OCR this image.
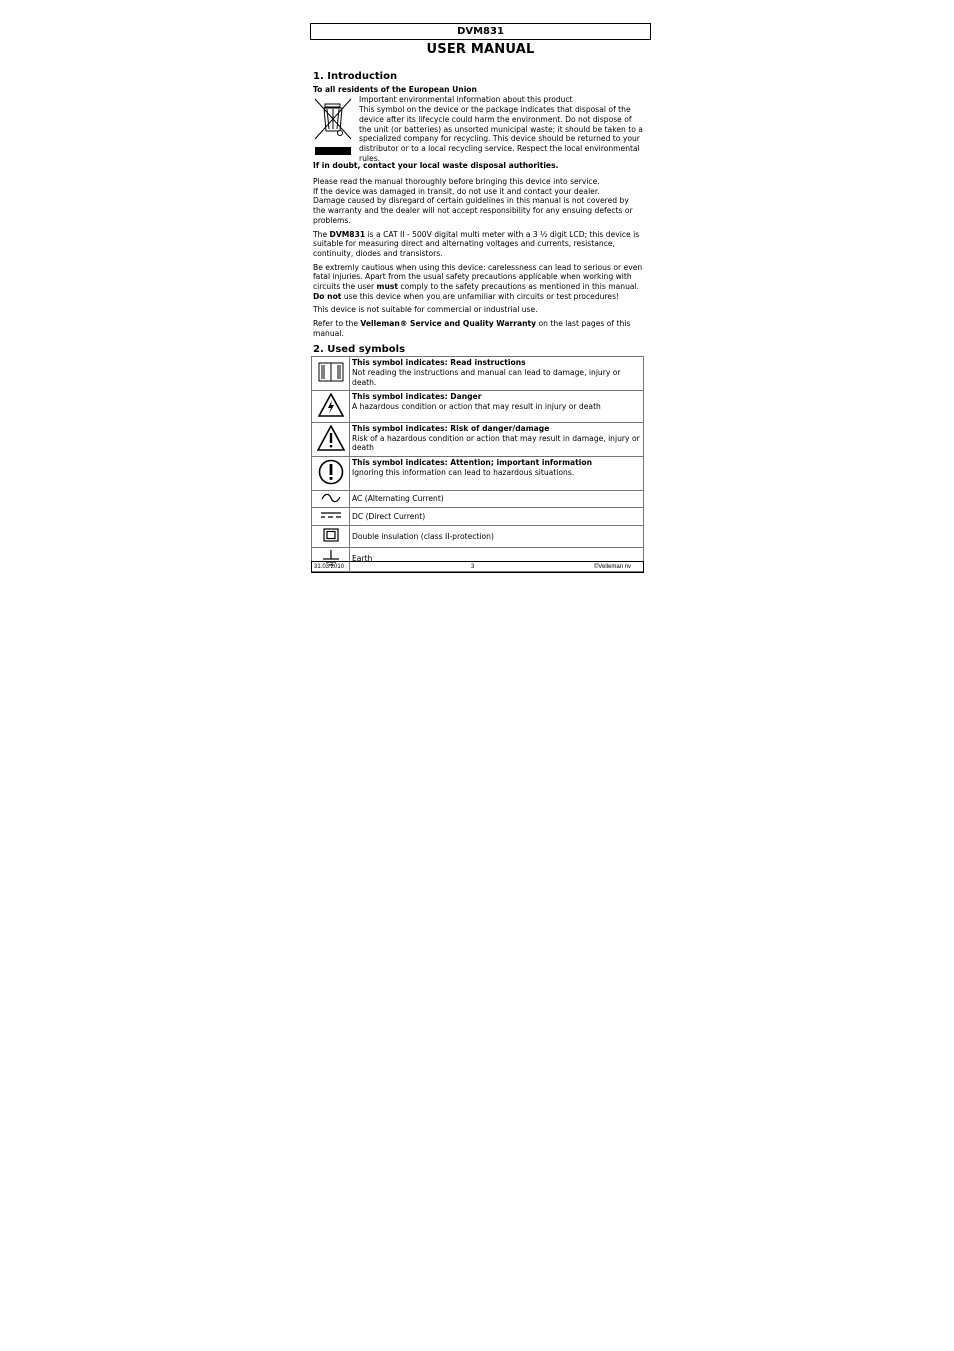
DVM831
USER MANUAL
1. Introduction
To all residents of the European Union

Important environmental information about this product

This symbol on the device or the package indicates that disposal of the device after its lifecycle could harm the environment. Do not dispose of the unit (or batteries) as unsorted municipal waste; it should be taken to a specialized company for recycling. This device should be returned to your distributor or to a local recycling service. Respect the local environmental rules.

If in doubt, contact your local waste disposal authorities.

Please read the manual thoroughly before bringing this device into service.
If the device was damaged in transit, do not use it and contact your dealer.
Damage caused by disregard of certain guidelines in this manual is not covered by the warranty and the dealer will not accept responsibility for any ensuing defects or problems.

The DVM831 is a CAT II - 500V digital multi meter with a 3 ½ digit LCD; this device is suitable for measuring direct and alternating voltages and currents, resistance, continuity, diodes and transistors.

Be extremly cautious when using this device: carelessness can lead to serious or even fatal injuries. Apart from the usual safety precautions applicable when working with circuits the user must comply to the safety precautions as mentioned in this manual. Do not use this device when you are unfamiliar with circuits or test procedures!

This device is not suitable for commercial or industrial use.

Refer to the Velleman® Service and Quality Warranty on the last pages of this manual.

2. Used symbols
	This symbol indicates: Read instructions
Not reading the instructions and manual can lead to damage, injury or death.
	This symbol indicates: Danger
A hazardous condition or action that may result in injury or death
	This symbol indicates: Risk of danger/damage
Risk of a hazardous condition or action that may result in damage, injury or death
	This symbol indicates: Attention; important information
Ignoring this information can lead to hazardous situations.
	AC (Alternating Current)
	DC (Direct Current)
	Double insulation (class II-protection)
	Earth
31.03.2010	3	©Velleman nv
